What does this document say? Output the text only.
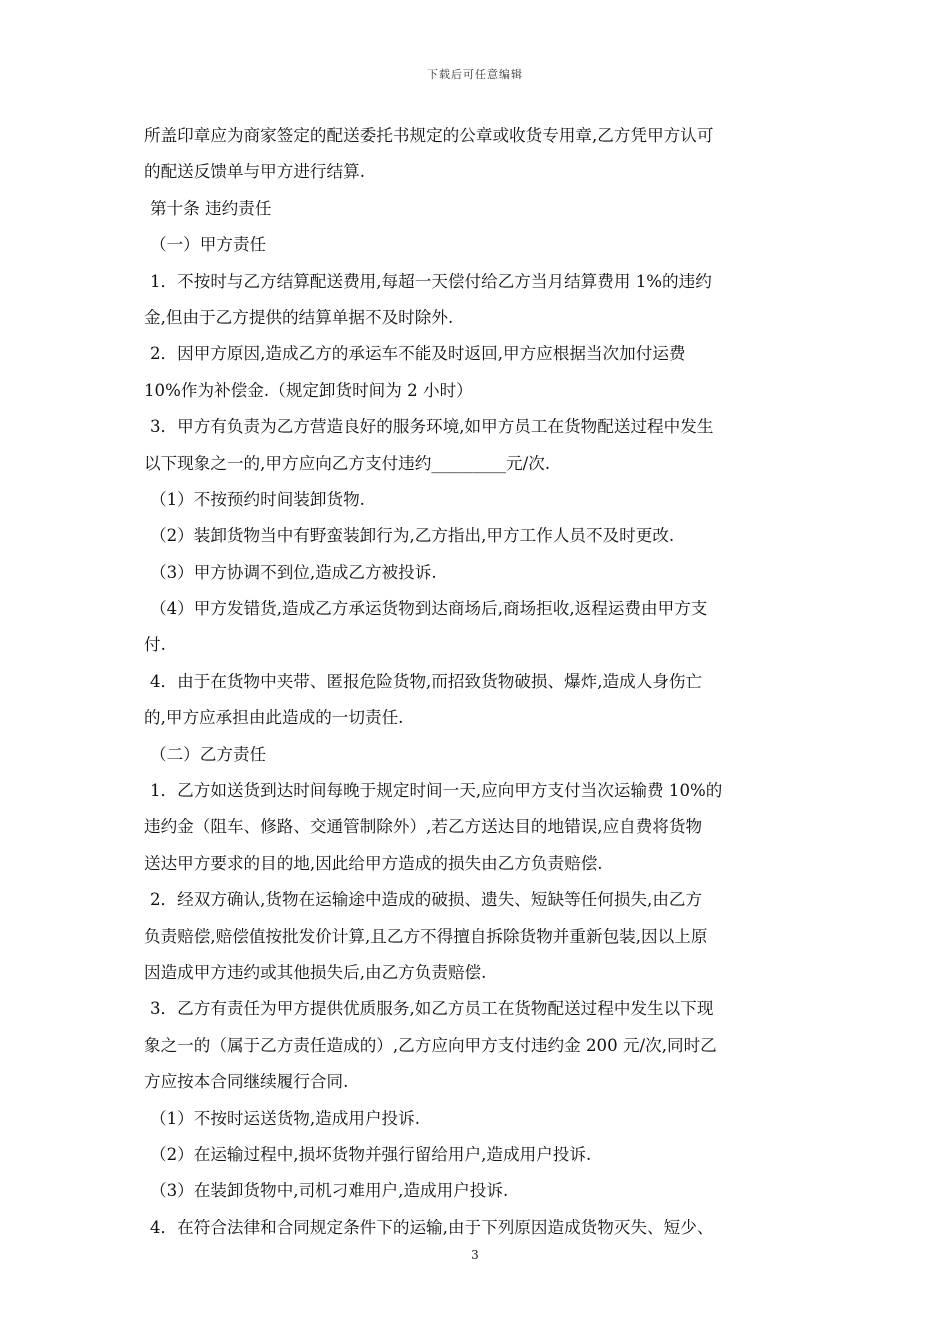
下载后可任意编辑
所盖印章应为商家签定的配送委托书规定的公章或收货专用章,乙方凭甲方认可
的配送反馈单与甲方进行结算.
第十条 违约责任
（一）甲方责任
1．不按时与乙方结算配送费用,每超一天偿付给乙方当月结算费用 1%的违约
金,但由于乙方提供的结算单据不及时除外.
2．因甲方原因,造成乙方的承运车不能及时返回,甲方应根据当次加付运费
10%作为补偿金.（规定卸货时间为 2 小时）
3．甲方有负责为乙方营造良好的服务环境,如甲方员工在货物配送过程中发生
以下现象之一的,甲方应向乙方支付违约_________元/次.
（1）不按预约时间装卸货物.
（2）装卸货物当中有野蛮装卸行为,乙方指出,甲方工作人员不及时更改.
（3）甲方协调不到位,造成乙方被投诉.
（4）甲方发错货,造成乙方承运货物到达商场后,商场拒收,返程运费由甲方支
付.
4．由于在货物中夹带、匿报危险货物,而招致货物破损、爆炸,造成人身伤亡
的,甲方应承担由此造成的一切责任.
（二）乙方责任
1．乙方如送货到达时间每晚于规定时间一天,应向甲方支付当次运输费 10%的
违约金（阻车、修路、交通管制除外）,若乙方送达目的地错误,应自费将货物
送达甲方要求的目的地,因此给甲方造成的损失由乙方负责赔偿.
2．经双方确认,货物在运输途中造成的破损、遗失、短缺等任何损失,由乙方
负责赔偿,赔偿值按批发价计算,且乙方不得擅自拆除货物并重新包装,因以上原
因造成甲方违约或其他损失后,由乙方负责赔偿.
3．乙方有责任为甲方提供优质服务,如乙方员工在货物配送过程中发生以下现
象之一的（属于乙方责任造成的）,乙方应向甲方支付违约金 200 元/次,同时乙
方应按本合同继续履行合同.
（1）不按时运送货物,造成用户投诉.
（2）在运输过程中,损坏货物并强行留给用户,造成用户投诉.
（3）在装卸货物中,司机刁难用户,造成用户投诉.
4．在符合法律和合同规定条件下的运输,由于下列原因造成货物灭失、短少、
3
